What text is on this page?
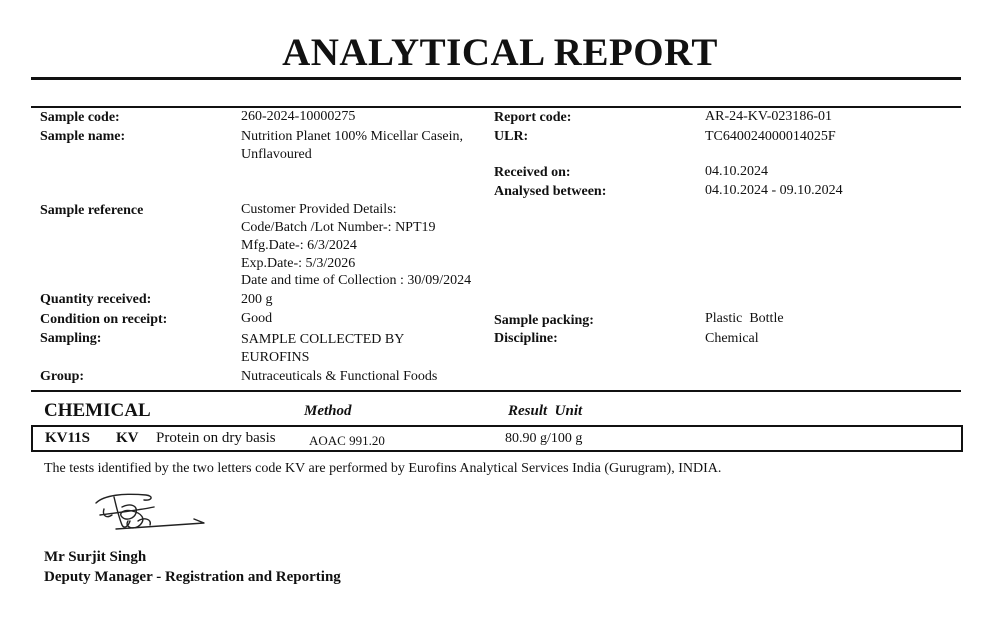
ANALYTICAL REPORT
Sample code:	260-2024-10000275
Sample name:	Nutrition Planet 100% Micellar Casein,
Unflavoured
Sample reference	Customer Provided Details:
Code/Batch /Lot Number-: NPT19
Mfg.Date-: 6/3/2024
Exp.Date-: 5/3/2026
Date and time of Collection : 30/09/2024
Quantity received:	200 g
Condition on receipt:	Good
Sampling:	SAMPLE COLLECTED BY
EUROFINS
Group:	Nutraceuticals & Functional Foods
Report code:	AR-24-KV-023186-01
ULR:	TC640024000014025F
Received on:	04.10.2024
Analysed between:	04.10.2024 - 09.10.2024
Sample packing:	Plastic  Bottle
Discipline:	Chemical
CHEMICAL	Method	Result  Unit
KV11S KV Protein on dry basis	AOAC 991.20	80.90 g/100 g
The tests identified by the two letters code KV are performed by Eurofins Analytical Services India (Gurugram), INDIA.
Mr Surjit Singh
Deputy Manager - Registration and Reporting
